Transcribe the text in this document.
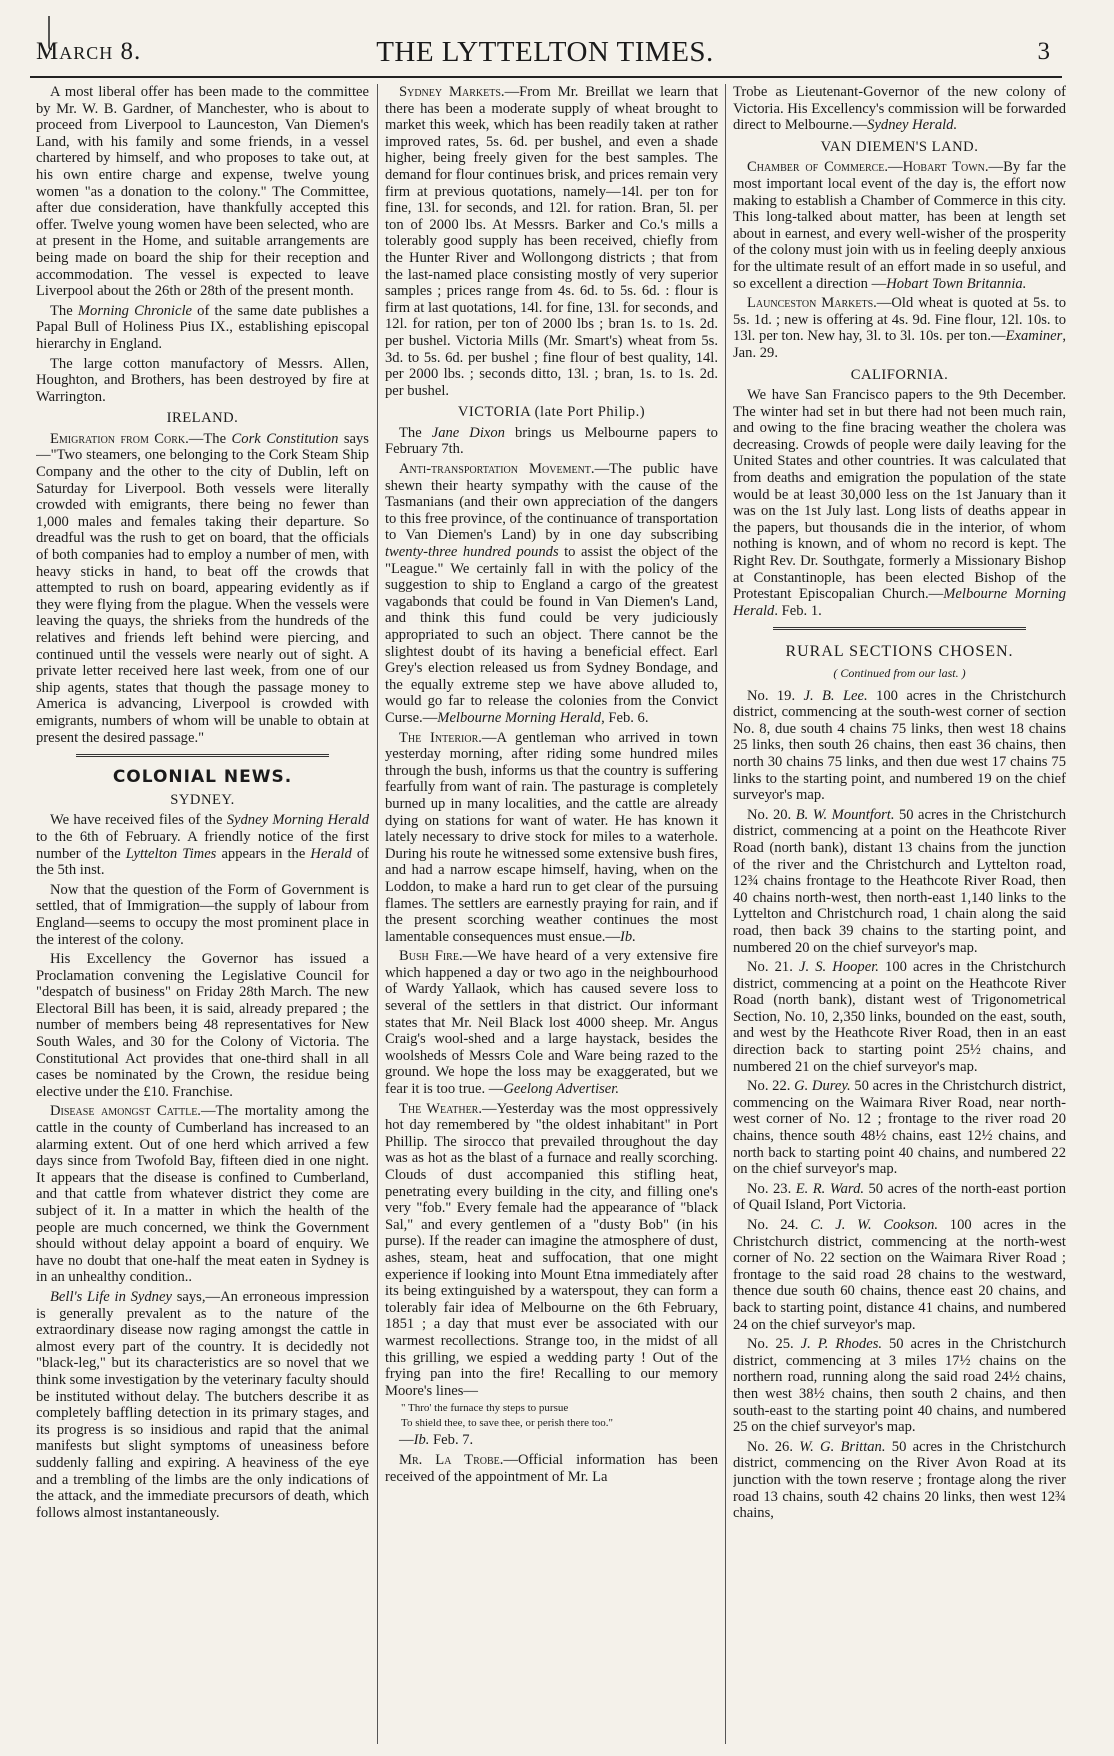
March 8.	THE LYTTELTON TIMES.	3

A most liberal offer has been made to the committee by Mr. W. B. Gardner, of Manchester, who is about to proceed from Liverpool to Launceston, Van Diemen's Land, with his family and some friends, in a vessel chartered by himself, and who proposes to take out, at his own entire charge and expense, twelve young women "as a donation to the colony." The Committee, after due consideration, have thankfully accepted this offer. Twelve young women have been selected, who are at present in the Home, and suitable arrangements are being made on board the ship for their reception and accommodation. The vessel is expected to leave Liverpool about the 26th or 28th of the present month.

The Morning Chronicle of the same date publishes a Papal Bull of Holiness Pius IX., establishing episcopal hierarchy in England.

The large cotton manufactory of Messrs. Allen, Houghton, and Brothers, has been destroyed by fire at Warrington.

IRELAND.

Emigration from Cork.—The Cork Constitution says—"Two steamers, one belonging to the Cork Steam Ship Company and the other to the city of Dublin, left on Saturday for Liverpool. Both vessels were literally crowded with emigrants, there being no fewer than 1,000 males and females taking their departure. So dreadful was the rush to get on board, that the officials of both companies had to employ a number of men, with heavy sticks in hand, to beat off the crowds that attempted to rush on board, appearing evidently as if they were flying from the plague. When the vessels were leaving the quays, the shrieks from the hundreds of the relatives and friends left behind were piercing, and continued until the vessels were nearly out of sight. A private letter received here last week, from one of our ship agents, states that though the passage money to America is advancing, Liverpool is crowded with emigrants, numbers of whom will be unable to obtain at present the desired passage."

COLONIAL NEWS.
SYDNEY.

We have received files of the Sydney Morning Herald to the 6th of February. A friendly notice of the first number of the Lyttelton Times appears in the Herald of the 5th inst.

Now that the question of the Form of Government is settled, that of Immigration—the supply of labour from England—seems to occupy the most prominent place in the interest of the colony.

His Excellency the Governor has issued a Proclamation convening the Legislative Council for "despatch of business" on Friday 28th March. The new Electoral Bill has been, it is said, already prepared ; the number of members being 48 representatives for New South Wales, and 30 for the Colony of Victoria. The Constitutional Act provides that one-third shall in all cases be nominated by the Crown, the residue being elective under the £10. Franchise.

Disease amongst Cattle.—The mortality among the cattle in the county of Cumberland has increased to an alarming extent. Out of one herd which arrived a few days since from Twofold Bay, fifteen died in one night. It appears that the disease is confined to Cumberland, and that cattle from whatever district they come are subject of it. In a matter in which the health of the people are much concerned, we think the Government should without delay appoint a board of enquiry. We have no doubt that one-half the meat eaten in Sydney is in an unhealthy condition..

Bell's Life in Sydney says,—An erroneous impression is generally prevalent as to the nature of the extraordinary disease now raging amongst the cattle in almost every part of the country. It is decidedly not "black-leg," but its characteristics are so novel that we think some investigation by the veterinary faculty should be instituted without delay. The butchers describe it as completely baffling detection in its primary stages, and its progress is so insidious and rapid that the animal manifests but slight symptoms of uneasiness before suddenly falling and expiring. A heaviness of the eye and a trembling of the limbs are the only indications of the attack, and the immediate precursors of death, which follows almost instantaneously.

Sydney Markets.—From Mr. Breillat we learn that there has been a moderate supply of wheat brought to market this week, which has been readily taken at rather improved rates, 5s. 6d. per bushel, and even a shade higher, being freely given for the best samples. The demand for flour continues brisk, and prices remain very firm at previous quotations, namely—14l. per ton for fine, 13l. for seconds, and 12l. for ration. Bran, 5l. per ton of 2000 lbs. At Messrs. Barker and Co.'s mills a tolerably good supply has been received, chiefly from the Hunter River and Wollongong districts ; that from the last-named place consisting mostly of very superior samples ; prices range from 4s. 6d. to 5s. 6d. : flour is firm at last quotations, 14l. for fine, 13l. for seconds, and 12l. for ration, per ton of 2000 lbs ; bran 1s. to 1s. 2d. per bushel. Victoria Mills (Mr. Smart's) wheat from 5s. 3d. to 5s. 6d. per bushel ; fine flour of best quality, 14l. per 2000 lbs. ; seconds ditto, 13l. ; bran, 1s. to 1s. 2d. per bushel.

VICTORIA (late Port Philip.)

The Jane Dixon brings us Melbourne papers to February 7th.

Anti-transportation Movement.—The public have shewn their hearty sympathy with the cause of the Tasmanians (and their own appreciation of the dangers to this free province, of the continuance of transportation to Van Diemen's Land) by in one day subscribing twenty-three hundred pounds to assist the object of the "League." We certainly fall in with the policy of the suggestion to ship to England a cargo of the greatest vagabonds that could be found in Van Diemen's Land, and think this fund could be very judiciously appropriated to such an object. There cannot be the slightest doubt of its having a beneficial effect. Earl Grey's election released us from Sydney Bondage, and the equally extreme step we have above alluded to, would go far to release the colonies from the Convict Curse.—Melbourne Morning Herald, Feb. 6.

The Interior.—A gentleman who arrived in town yesterday morning, after riding some hundred miles through the bush, informs us that the country is suffering fearfully from want of rain. The pasturage is completely burned up in many localities, and the cattle are already dying on stations for want of water. He has known it lately necessary to drive stock for miles to a waterhole. During his route he witnessed some extensive bush fires, and had a narrow escape himself, having, when on the Loddon, to make a hard run to get clear of the pursuing flames. The settlers are earnestly praying for rain, and if the present scorching weather continues the most lamentable consequences must ensue.—Ib.

Bush Fire.—We have heard of a very extensive fire which happened a day or two ago in the neighbourhood of Wardy Yallaok, which has caused severe loss to several of the settlers in that district. Our informant states that Mr. Neil Black lost 4000 sheep. Mr. Angus Craig's wool-shed and a large haystack, besides the woolsheds of Messrs Cole and Ware being razed to the ground. We hope the loss may be exaggerated, but we fear it is too true. —Geelong Advertiser.

The Weather.—Yesterday was the most oppressively hot day remembered by "the oldest inhabitant" in Port Phillip. The sirocco that prevailed throughout the day was as hot as the blast of a furnace and really scorching. Clouds of dust accompanied this stifling heat, penetrating every building in the city, and filling one's very "fob." Every female had the appearance of "black Sal," and every gentlemen of a "dusty Bob" (in his purse). If the reader can imagine the atmosphere of dust, ashes, steam, heat and suffocation, that one might experience if looking into Mount Etna immediately after its being extinguished by a waterspout, they can form a tolerably fair idea of Melbourne on the 6th February, 1851 ; a day that must ever be associated with our warmest recollections. Strange too, in the midst of all this grilling, we espied a wedding party ! Out of the frying pan into the fire! Recalling to our memory Moore's lines—

" Thro' the furnace thy steps to pursue

To shield thee, to save thee, or perish there too."

—Ib. Feb. 7.

Mr. La Trobe.—Official information has been received of the appointment of Mr. La

Trobe as Lieutenant-Governor of the new colony of Victoria. His Excellency's commission will be forwarded direct to Melbourne.—Sydney Herald.

VAN DIEMEN'S LAND.

Chamber of Commerce.—Hobart Town.—By far the most important local event of the day is, the effort now making to establish a Chamber of Commerce in this city. This long-talked about matter, has been at length set about in earnest, and every well-wisher of the prosperity of the colony must join with us in feeling deeply anxious for the ultimate result of an effort made in so useful, and so excellent a direction —Hobart Town Britannia.

Launceston Markets.—Old wheat is quoted at 5s. to 5s. 1d. ; new is offering at 4s. 9d. Fine flour, 12l. 10s. to 13l. per ton. New hay, 3l. to 3l. 10s. per ton.—Examiner, Jan. 29.

CALIFORNIA.

We have San Francisco papers to the 9th December. The winter had set in but there had not been much rain, and owing to the fine bracing weather the cholera was decreasing. Crowds of people were daily leaving for the United States and other countries. It was calculated that from deaths and emigration the population of the state would be at least 30,000 less on the 1st January than it was on the 1st July last. Long lists of deaths appear in the papers, but thousands die in the interior, of whom nothing is known, and of whom no record is kept. The Right Rev. Dr. Southgate, formerly a Missionary Bishop at Constantinople, has been elected Bishop of the Protestant Episcopalian Church.—Melbourne Morning Herald. Feb. 1.

RURAL SECTIONS CHOSEN.
( Continued from our last. )

No. 19. J. B. Lee. 100 acres in the Christchurch district, commencing at the south-west corner of section No. 8, due south 4 chains 75 links, then west 18 chains 25 links, then south 26 chains, then east 36 chains, then north 30 chains 75 links, and then due west 17 chains 75 links to the starting point, and numbered 19 on the chief surveyor's map.

No. 20. B. W. Mountfort. 50 acres in the Christchurch district, commencing at a point on the Heathcote River Road (north bank), distant 13 chains from the junction of the river and the Christchurch and Lyttelton road, 12¾ chains frontage to the Heathcote River Road, then 40 chains north-west, then north-east 1,140 links to the Lyttelton and Christchurch road, 1 chain along the said road, then back 39 chains to the starting point, and numbered 20 on the chief surveyor's map.

No. 21. J. S. Hooper. 100 acres in the Christchurch district, commencing at a point on the Heathcote River Road (north bank), distant west of Trigonometrical Section, No. 10, 2,350 links, bounded on the east, south, and west by the Heathcote River Road, then in an east direction back to starting point 25½ chains, and numbered 21 on the chief surveyor's map.

No. 22. G. Durey. 50 acres in the Christchurch district, commencing on the Waimara River Road, near north-west corner of No. 12 ; frontage to the river road 20 chains, thence south 48½ chains, east 12½ chains, and north back to starting point 40 chains, and numbered 22 on the chief surveyor's map.

No. 23. E. R. Ward. 50 acres of the north-east portion of Quail Island, Port Victoria.

No. 24. C. J. W. Cookson. 100 acres in the Christchurch district, commencing at the north-west corner of No. 22 section on the Waimara River Road ; frontage to the said road 28 chains to the westward, thence due south 60 chains, thence east 20 chains, and back to starting point, distance 41 chains, and numbered 24 on the chief surveyor's map.

No. 25. J. P. Rhodes. 50 acres in the Christchurch district, commencing at 3 miles 17½ chains on the northern road, running along the said road 24½ chains, then west 38½ chains, then south 2 chains, and then south-east to the starting point 40 chains, and numbered 25 on the chief surveyor's map.

No. 26. W. G. Brittan. 50 acres in the Christchurch district, commencing on the River Avon Road at its junction with the town reserve ; frontage along the river road 13 chains, south 42 chains 20 links, then west 12¾ chains,
